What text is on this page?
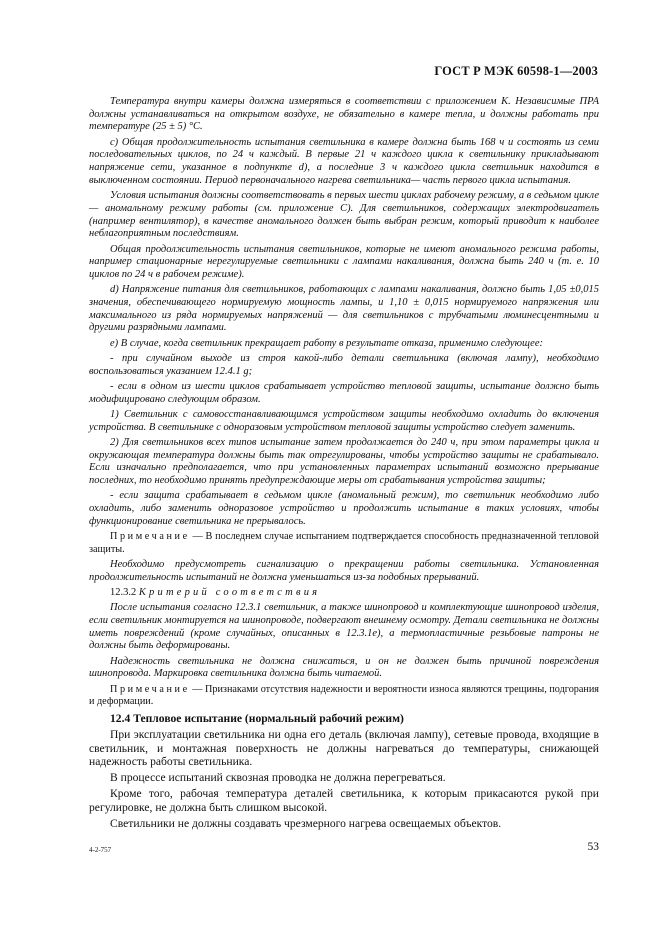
ГОСТ Р МЭК 60598-1—2003

Температура внутри камеры должна измеряться в соответствии с приложением K. Независимые ПРА должны устанавливаться на открытом воздухе, не обязательно в камере тепла, и должны работать при температуре (25 ± 5) °С.

с) Общая продолжительность испытания светильника в камере должна быть 168 ч и состоять из семи последовательных циклов, по 24 ч каждый. В первые 21 ч каждого цикла к светильнику прикладывают напряжение сети, указанное в подпункте d), а последние 3 ч каждого цикла светильник находится в выключенном состоянии. Период первоначального нагрева светильника— часть первого цикла испытания.

Условия испытания должны соответствовать в первых шести циклах рабочему режиму, а в седьмом цикле — аномальному режиму работы (см. приложение С). Для светильников, содержащих электродвигатель (например вентилятор), в качестве аномального должен быть выбран режим, который приводит к наиболее неблагоприятным последствиям.

Общая продолжительность испытания светильников, которые не имеют аномального режима работы, например стационарные нерегулируемые светильники с лампами накаливания, должна быть 240 ч (т. е. 10 циклов по 24 ч в рабочем режиме).

d) Напряжение питания для светильников, работающих с лампами накаливания, должно быть 1,05 ±0,015 значения, обеспечивающего нормируемую мощность лампы, и 1,10 ± 0,015 нормируемого напряжения или максимального из ряда нормируемых напряжений — для светильников с трубчатыми люминесцентными и другими разрядными лампами.

е) В случае, когда светильник прекращает работу в результате отказа, применимо следующее:

- при случайном выходе из строя какой-либо детали светильника (включая лампу), необходимо воспользоваться указанием 12.4.1 g;

- если в одном из шести циклов срабатывает устройство тепловой защиты, испытание должно быть модифицировано следующим образом.

1) Светильник с самовосстанавливающимся устройством защиты необходимо охладить до включения устройства. В светильнике с одноразовым устройством тепловой защиты устройство следует заменить.

2) Для светильников всех типов испытание затем продолжается до 240 ч, при этом параметры цикла и окружающая температура должны быть так отрегулированы, чтобы устройство защиты не срабатывало. Если изначально предполагается, что при установленных параметрах испытаний возможно прерывание последних, то необходимо принять предупреждающие меры от срабатывания устройства защиты;

- если защита срабатывает в седьмом цикле (аномальный режим), то светильник необходимо либо охладить, либо заменить одноразовое устройство и продолжить испытание в таких условиях, чтобы функционирование светильника не прерывалось.

Примечание — В последнем случае испытанием подтверждается способность предназначенной тепловой защиты.

Необходимо предусмотреть сигнализацию о прекращении работы светильника. Установленная продолжительность испытаний не должна уменьшаться из-за подобных прерываний.

12.3.2 Критерий соответствия

После испытания согласно 12.3.1 светильник, а также шинопровод и комплектующие шинопровод изделия, если светильник монтируется на шинопроводе, подвергают внешнему осмотру. Детали светильника не должны иметь повреждений (кроме случайных, описанных в 12.3.1е), а термопластичные резьбовые патроны не должны быть деформированы.

Надежность светильника не должна снижаться, и он не должен быть причиной повреждения шинопровода. Маркировка светильника должна быть читаемой.

Примечание — Признаками отсутствия надежности и вероятности износа являются трещины, подгорания и деформации.

12.4 Тепловое испытание (нормальный рабочий режим)

При эксплуатации светильника ни одна его деталь (включая лампу), сетевые провода, входящие в светильник, и монтажная поверхность не должны нагреваться до температуры, снижающей надежность работы светильника.

В процессе испытаний сквозная проводка не должна перегреваться.

Кроме того, рабочая температура деталей светильника, к которым прикасаются рукой при регулировке, не должна быть слишком высокой.

Светильники не должны создавать чрезмерного нагрева освещаемых объектов.

4-2-757	53
